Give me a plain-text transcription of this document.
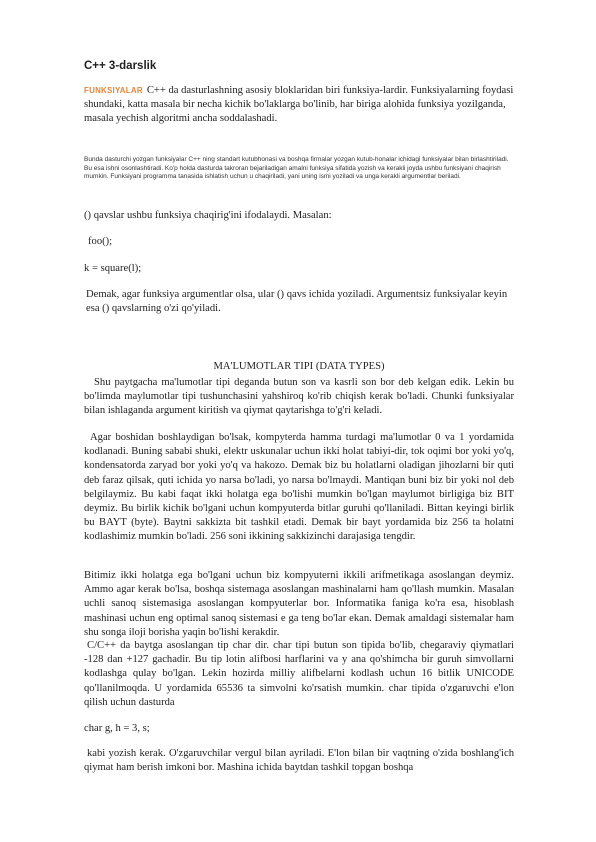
C++ 3-darslik

FUNKSIYALAR C++ da dasturlashning asosiy bloklaridan biri funksiya-lardir. Funksiyalarning foydasi shundaki, katta masala bir necha kichik bo'laklarga bo'linib, har biriga alohida funksiya yozilganda, masala yechish algoritmi ancha soddalashadi.

Bunda dasturchi yozgan funksiyalar C++ ning standart kutubhonasi va boshqa firmalar yozgan kutub-honalar ichidagi funksiyalar bilan birlashtiriladi. Bu esa ishni osonlashtiradi. Ko'p holda dasturda takroran bejariladigan amalni funksiya sifatida yozish va kerakli joyda ushbu funksiyani chaqirish mumkin. Funksiyani programma tanasida ishlatish uchun u chaqiriladi, yani uning ismi yoziladi va unga kerakli argumentlar beriladi.

() qavslar ushbu funksiya chaqirig'ini ifodalaydi. Masalan:

foo();

k = square(l);

Demak, agar funksiya argumentlar olsa, ular () qavs ichida yoziladi. Argumentsiz funksiyalar keyin esa () qavslarning o'zi qo'yiladi.

MA'LUMOTLAR TIPI (DATA TYPES)

Shu paytgacha ma'lumotlar tipi deganda butun son va kasrli son bor deb kelgan edik. Lekin bu bo'limda maylumotlar tipi tushunchasini yahshiroq ko'rib chiqish kerak bo'ladi. Chunki funksiyalar bilan ishlaganda argument kiritish va qiymat qaytarishga to'g'ri keladi.

Agar boshidan boshlaydigan bo'lsak, kompyterda hamma turdagi ma'lumotlar 0 va 1 yordamida kodlanadi. Buning sababi shuki, elektr uskunalar uchun ikki holat tabiyi-dir, tok oqimi bor yoki yo'q, kondensatorda zaryad bor yoki yo'q va hakozo. Demak biz bu holatlarni oladigan jihozlarni bir quti deb faraz qilsak, quti ichida yo narsa bo'ladi, yo narsa bo'lmaydi. Mantiqan buni biz bir yoki nol deb belgilaymiz. Bu kabi faqat ikki holatga ega bo'lishi mumkin bo'lgan maylumot birligiga biz BIT deymiz. Bu birlik kichik bo'lgani uchun kompyuterda bitlar guruhi qo'llaniladi. Bittan keyingi birlik bu BAYT (byte). Baytni sakkizta bit tashkil etadi. Demak bir bayt yordamida biz 256 ta holatni kodlashimiz mumkin bo'ladi. 256 soni ikkining sakkizinchi darajasiga tengdir.

Bitimiz ikki holatga ega bo'lgani uchun biz kompyuterni ikkili arifmetikaga asoslangan deymiz. Ammo agar kerak bo'lsa, boshqa sistemaga asoslangan mashinalarni ham qo'llash mumkin. Masalan uchli sanoq sistemasiga asoslangan kompyuterlar bor. Informatika faniga ko'ra esa, hisoblash mashinasi uchun eng optimal sanoq sistemasi e ga teng bo'lar ekan. Demak amaldagi sistemalar ham shu songa iloji borisha yaqin bo'lishi kerakdir.

C/C++ da baytga asoslangan tip char dir. char tipi butun son tipida bo'lib, chegaraviy qiymatlari -128 dan +127 gachadir. Bu tip lotin alifbosi harflarini va y ana qo'shimcha bir guruh simvollarni kodlashga qulay bo'lgan. Lekin hozirda milliy alifbelarni kodlash uchun 16 bitlik UNICODE qo'llanilmoqda. U yordamida 65536 ta simvolni ko'rsatish mumkin. char tipida o'zgaruvchi e'lon qilish uchun dasturda

char g, h = 3, s;

kabi yozish kerak. O'zgaruvchilar vergul bilan ayriladi. E'lon bilan bir vaqtning o'zida boshlang'ich qiymat ham berish imkoni bor. Mashina ichida baytdan tashkil topgan boshqa
